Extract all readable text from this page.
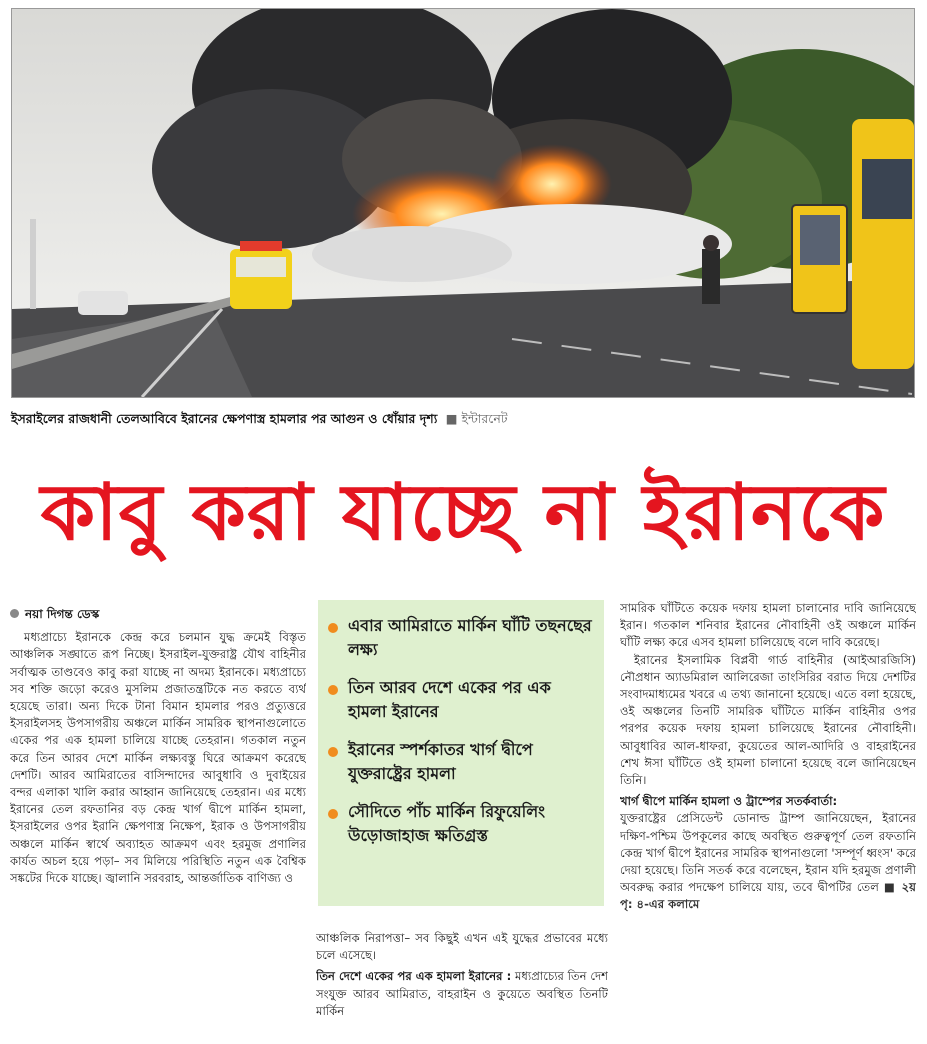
ইসরাইলের রাজধানী তেলআবিবে ইরানের ক্ষেপণাস্ত্র হামলার পর আগুন ও ধোঁয়ার দৃশ্য ■ ইন্টারনেট
কাবু করা যাচ্ছে না ইরানকে
নয়া দিগন্ত ডেস্ক

মধ্যপ্রাচ্যে ইরানকে কেন্দ্র করে চলমান যুদ্ধ ক্রমেই বিস্তৃত আঞ্চলিক সঙ্ঘাতে রূপ নিচ্ছে। ইসরাইল-যুক্তরাষ্ট্র যৌথ বাহিনীর সর্বাত্মক তাণ্ডবেও কাবু করা যাচ্ছে না অদম্য ইরানকে। মধ্যপ্রাচ্যে সব শক্তি জড়ো করেও মুসলিম প্রজাতন্ত্রটিকে নত করতে ব্যর্থ হয়েছে তারা। অন্য দিকে টানা বিমান হামলার পরও প্রত্যুত্তরে ইসরাইলসহ উপসাগরীয় অঞ্চলে মার্কিন সামরিক স্থাপনাগুলোতে একের পর এক হামলা চালিয়ে যাচ্ছে তেহরান। গতকাল নতুন করে তিন আরব দেশে মার্কিন লক্ষ্যবস্তু ঘিরে আক্রমণ করেছে দেশটি। আরব আমিরাতের বাসিন্দাদের আবুধাবি ও দুবাইয়ের বন্দর এলাকা খালি করার আহ্বান জানিয়েছে তেহরান। এর মধ্যে ইরানের তেল রফতানির বড় কেন্দ্র খার্গ দ্বীপে মার্কিন হামলা, ইসরাইলের ওপর ইরানি ক্ষেপণাস্ত্র নিক্ষেপ, ইরাক ও উপসাগরীয় অঞ্চলে মার্কিন স্বার্থে অব্যাহত আক্রমণ এবং হরমুজ প্রণালির কার্যত অচল হয়ে পড়া– সব মিলিয়ে পরিস্থিতি নতুন এক বৈশ্বিক সঙ্কটের দিকে যাচ্ছে। জ্বালানি সরবরাহ, আন্তর্জাতিক বাণিজ্য ও

এবার আমিরাতে মার্কিন ঘাঁটি তছনছের লক্ষ্য
তিন আরব দেশে একের পর এক হামলা ইরানের
ইরানের স্পর্শকাতর খার্গ দ্বীপে যুক্তরাষ্ট্রের হামলা
সৌদিতে পাঁচ মার্কিন রিফুয়েলিং উড়োজাহাজ ক্ষতিগ্রস্ত

আঞ্চলিক নিরাপত্তা– সব কিছুই এখন এই যুদ্ধের প্রভাবের মধ্যে চলে এসেছে।

তিন দেশে একের পর এক হামলা ইরানের : মধ্যপ্রাচ্যের তিন দেশ সংযুক্ত আরব আমিরাত, বাহরাইন ও কুয়েতে অবস্থিত তিনটি মার্কিন

সামরিক ঘাঁটিতে কয়েক দফায় হামলা চালানোর দাবি জানিয়েছে ইরান। গতকাল শনিবার ইরানের নৌবাহিনী ওই অঞ্চলে মার্কিন ঘাঁটি লক্ষ্য করে এসব হামলা চালিয়েছে বলে দাবি করেছে।

ইরানের ইসলামিক বিপ্লবী গার্ড বাহিনীর (আইআরজিসি) নৌপ্রধান অ্যাডমিরাল আলিরেজা তাংসিরির বরাত দিয়ে দেশটির সংবাদমাধ্যমের খবরে এ তথ্য জানানো হয়েছে। এতে বলা হয়েছে, ওই অঞ্চলের তিনটি সামরিক ঘাঁটিতে মার্কিন বাহিনীর ওপর পরপর কয়েক দফায় হামলা চালিয়েছে ইরানের নৌবাহিনী। আবুধাবির আল-ধাফরা, কুয়েতের আল-আদিরি ও বাহরাইনের শেখ ঈসা ঘাঁটিতে ওই হামলা চালানো হয়েছে বলে জানিয়েছেন তিনি।

খার্গ দ্বীপে মার্কিন হামলা ও ট্রাম্পের সতর্কবার্তা:

যুক্তরাষ্ট্রের প্রেসিডেন্ট ডোনাল্ড ট্রাম্প জানিয়েছেন, ইরানের দক্ষিণ-পশ্চিম উপকূলের কাছে অবস্থিত গুরুত্বপূর্ণ তেল রফতানি কেন্দ্র খার্গ দ্বীপে ইরানের সামরিক স্থাপনাগুলো 'সম্পূর্ণ ধ্বংস' করে দেয়া হয়েছে। তিনি সতর্ক করে বলেছেন, ইরান যদি হরমুজ প্রণালী অবরুদ্ধ করার পদক্ষেপ চালিয়ে যায়, তবে দ্বীপটির তেল ■ ২য় পৃ: ৪-এর কলামে
